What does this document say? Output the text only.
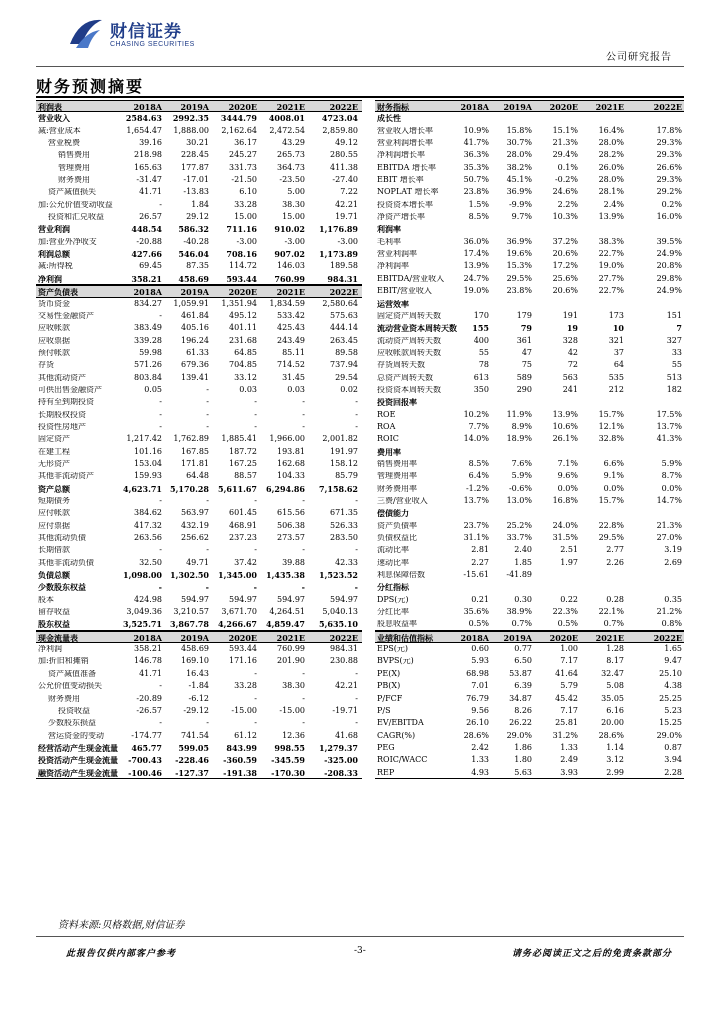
财信证券
CHASING SECURITIES
公司研究报告
财务预测摘要
利润表	2018A 2019A 2020E 2021E	2022E
营业收入	2584.63 2992.35 3444.79 4008.01 4723.04
减:营业成本	1,654.47 1,888.00 2,162.64 2,472.54 2,859.80
营业税费	39.16	30.21	36.17	43.29	49.12
销售费用	218.98 228.45	245.27	265.73	280.55
管理费用	165.63 177.87	331.73	364.73	411.38
财务费用	-31.47	-17.01	-21.50	-23.50	-27.40
资产减值损失	41.71	-13.83	6.10	5.00	7.22
加:公允价值变动收益	-	1.84	33.28	38.30	42.21
投资和汇兑收益	26.57	29.12	15.00	15.00	19.71
营业利润	448.54 586.32 711.16 910.02 1,176.89
加:营业外净收支	-20.88	-40.28	-3.00	-3.00	-3.00
利润总额	427.66 546.04 708.16 907.02 1,173.89
减:所得税	69.45	87.35	114.72	146.03	189.58
净利润	358.21 458.69 593.44 760.99	984.31
资产负债表	2018A 2019A 2020E 2021E	2022E
货币资金	834.27 1,059.91 1,351.94 1,834.59 2,580.64
交易性金融资产	- 461.84	495.12	533.42	575.63
应收帐款	383.49 405.16	401.11	425.43	444.14
应收票据	339.28 196.24	231.68	243.49	263.45
预付帐款	59.98	61.33	64.85	85.11	89.58
存货	571.26 679.36	704.85	714.52	737.94
其他流动资产	803.84 139.41	33.12	31.45	29.54
可供出售金融资产	0.05	-	0.03	0.03	0.02
持有至到期投资	-	-	-	-	-
长期股权投资	-	-	-	-	-
投资性房地产	-	-	-	-	-
固定资产	1,217.42 1,762.89 1,885.41 1,966.00 2,001.82
在建工程	101.16 167.85	187.72	193.81	191.97
无形资产	153.04 171.81	167.25	162.68	158.12
其他非流动资产	159.93	64.48	88.57	104.33	85.79
资产总额	4,623.71 5,170.28 5,611.67 6,294.86 7,158.62
短期债务	-	-	-	-	-
应付帐款	384.62 563.97	601.45	615.56	671.35
应付票据	417.32 432.19	468.91	506.38	526.33
其他流动负债	263.56 256.62	237.23	273.57	283.50
长期借款	-	-	-	-	-
其他非流动负债	32.50	49.71	37.42	39.88	42.33
负债总额	1,098.00 1,302.50 1,345.00 1,435.38 1,523.52
少数股东权益	-	-	-	-	-
股本	424.98 594.97	594.97	594.97	594.97
留存收益	3,049.36 3,210.57 3,671.70 4,264.51 5,040.13
股东权益	3,525.71 3,867.78 4,266.67 4,859.47 5,635.10
现金流量表	2018A 2019A 2020E 2021E	2022E
净利润	358.21 458.69	593.44	760.99	984.31
加:折旧和摊销	146.78 169.10	171.16	201.90	230.88
资产减值准备	41.71	16.43	-	-	-
公允价值变动损失	-	-1.84	33.28	38.30	42.21
财务费用	-20.89	-6.12	-	-	-
投资收益	-26.57	-29.12	-15.00	-15.00	-19.71
少数股东损益	-	-	-	-	-
营运资金的变动	-174.77 741.54	61.12	12.36	41.68
经营活动产生现金流量	465.77 599.05 843.99 998.55 1,279.37
投资活动产生现金流量	-700.43 -228.46 -360.59 -345.59 -325.00
融资活动产生现金流量	-100.46 -127.37 -191.38 -170.30 -208.33
财务指标	2018A 2019A 2020E 2021E	2022E
成长性
营业收入增长率	10.9% 15.8%	15.1%	16.4%	17.8%
营业利润增长率	41.7% 30.7%	21.3%	28.0%	29.3%
净利润增长率	36.3% 28.0%	29.4%	28.2%	29.3%
EBITDA 增长率	35.3% 38.2%	0.1%	26.0%	26.6%
EBIT 增长率	50.7% 45.1%	-0.2%	28.0%	29.3%
NOPLAT 增长率	23.8% 36.9%	24.6%	28.1%	29.2%
投资资本增长率	1.5% -9.9%	2.2%	2.4%	0.2%
净资产增长率	8.5%	9.7%	10.3%	13.9%	16.0%
利润率
毛利率	36.0% 36.9%	37.2%	38.3%	39.5%
营业利润率	17.4% 19.6%	20.6%	22.7%	24.9%
净利润率	13.9% 15.3%	17.2%	19.0%	20.8%
EBITDA/营业收入	24.7% 29.5%	25.6%	27.7%	29.8%
EBIT/营业收入	19.0% 23.8%	20.6%	22.7%	24.9%
运营效率
固定资产周转天数	170	179	191	173	151
流动营业资本周转天数	155	79	19	10	7
流动资产周转天数	400	361	328	321	327
应收帐款周转天数	55	47	42	37	33
存货周转天数	78	75	72	64	55
总资产周转天数	613	589	563	535	513
投资资本周转天数	350	290	241	212	182
投资回报率
ROE	10.2% 11.9%	13.9%	15.7%	17.5%
ROA	7.7%	8.9%	10.6%	12.1%	13.7%
ROIC	14.0% 18.9%	26.1%	32.8%	41.3%
费用率
销售费用率	8.5%	7.6%	7.1%	6.6%	5.9%
管理费用率	6.4%	5.9%	9.6%	9.1%	8.7%
财务费用率	-1.2% -0.6%	0.0%	0.0%	0.0%
三费/营业收入	13.7% 13.0%	16.8%	15.7%	14.7%
偿债能力
资产负债率	23.7% 25.2%	24.0%	22.8%	21.3%
负债权益比	31.1% 33.7%	31.5%	29.5%	27.0%
流动比率	2.81	2.40	2.51	2.77	3.19
速动比率	2.27	1.85	1.97	2.26	2.69
利息保障倍数	-15.61 -41.89
分红指标
DPS(元)	0.21	0.30	0.22	0.28	0.35
分红比率	35.6% 38.9%	22.3%	22.1%	21.2%
股息收益率	0.5%	0.7%	0.5%	0.7%	0.8%
业绩和估值指标	2018A 2019A 2020E 2021E	2022E
EPS(元)	0.60	0.77	1.00	1.28	1.65
BVPS(元)	5.93	6.50	7.17	8.17	9.47
PE(X)	68.98	53.87	41.64	32.47	25.10
PB(X)	7.01	6.39	5.79	5.08	4.38
P/FCF	76.79	34.87	45.42	35.05	25.25
P/S	9.56	8.26	7.17	6.16	5.23
EV/EBITDA	26.10	26.22	25.81	20.00	15.25
CAGR(%)	28.6% 29.0%	31.2%	28.6%	29.0%
PEG	2.42	1.86	1.33	1.14	0.87
ROIC/WACC	1.33	1.80	2.49	3.12	3.94
REP	4.93	5.63	3.93	2.99	2.28
资料来源:贝格数据,财信证券
此报告仅供内部客户参考	-3-	请务必阅读正文之后的免责条款部分
